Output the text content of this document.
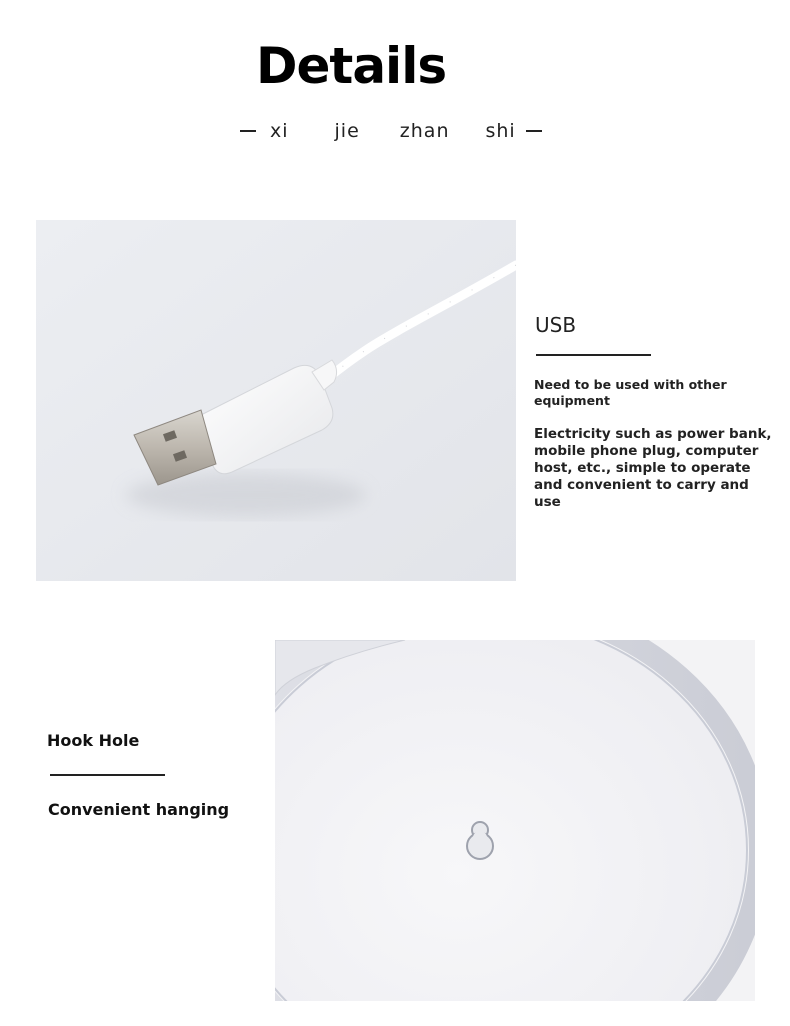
Details
xi jie zhan shi
USB

Need to be used with other equipment

Electricity such as power bank, mobile phone plug, computer host, etc., simple to operate and convenient to carry and use

Hook Hole

Convenient hanging
